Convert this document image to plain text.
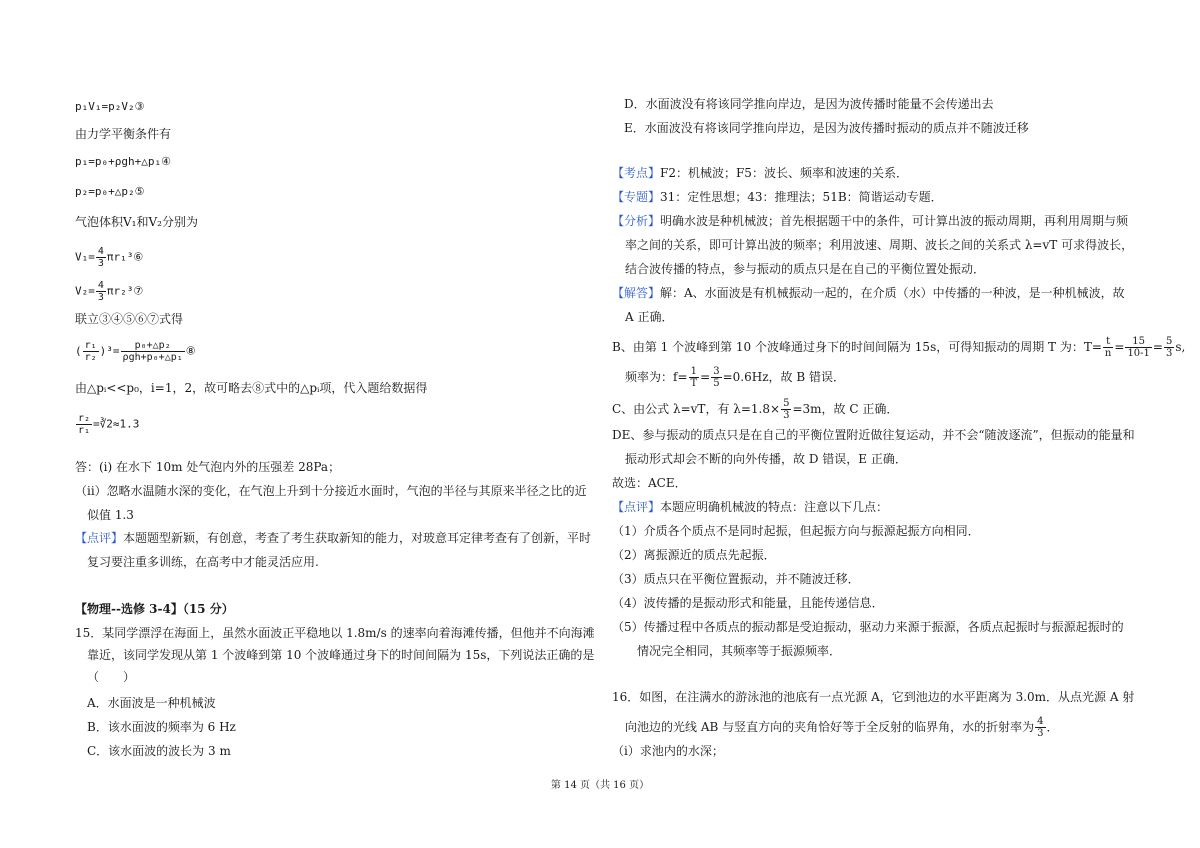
p₁V₁=p₂V₂③
由力学平衡条件有
p₁=p₀+ρgh+△p₁④
p₂=p₀+△p₂⑤
气泡体积V₁和V₂分别为
$V_1= \frac{4}{3}$ πr₁³⑥
$V_2= \frac{4}{3}$ πr₂³⑦
联立③④⑤⑥⑦式得
( $\frac{\text{r₁}}{\text{r₂}} )^3= \frac{\text{p₀+△p₂}}{\text{ρgh+p₀+△p₁}}$ ⑧
由△pᵢ<<p₀，i=1，2，故可略去⑧式中的△pᵢ项，代入题给数据得
$\frac{\text{r₂}}{\text{r₁}}$ =∛2≈1.3
答：(i) 在水下 10m 处气泡内外的压强差 28Pa；
（ii）忽略水温随水深的变化，在气泡上升到十分接近水面时，气泡的半径与其原来半径之比的近
似值 1.3
【点评】本题题型新颖，有创意，考查了考生获取新知的能力，对玻意耳定律考查有了创新，平时
复习要注重多训练，在高考中才能灵活应用.
【物理--选修 3-4】（15 分）
15．某同学漂浮在海面上，虽然水面波正平稳地以 1.8m/s 的速率向着海滩传播，但他并不向海滩
靠近，该同学发现从第 1 个波峰到第 10 个波峰通过身下的时间间隔为 15s，下列说法正确的是
（　　）
A．水面波是一种机械波
B．该水面波的频率为 6 Hz
C．该水面波的波长为 3 m
D．水面波没有将该同学推向岸边，是因为波传播时能量不会传递出去
E．水面波没有将该同学推向岸边，是因为波传播时振动的质点并不随波迁移
【考点】F2：机械波；F5：波长、频率和波速的关系．
【专题】31：定性思想；43：推理法；51B：简谐运动专题．
【分析】明确水波是种机械波；首先根据题干中的条件，可计算出波的振动周期，再利用周期与频
率之间的关系，即可计算出波的频率；利用波速、周期、波长之间的关系式 λ=vT 可求得波长，
结合波传播的特点，参与振动的质点只是在自己的平衡位置处振动．
【解答】解：A、水面波是有机械振动一起的，在介质（水）中传播的一种波，是一种机械波，故
A 正确．
B、由第 1 个波峰到第 10 个波峰通过身下的时间间隔为 15s，可得知振动的周期 T 为：$T= \frac{t}{n} = \frac{15}{10-1} = \frac{5}{3} s$,
频率为：$f= \frac{1}{T} = \frac{3}{5} =0.6Hz$，故 B 错误．
C、由公式 λ=vT，有 $\lambda=1.8\times \frac{5}{3} =3m$，故 C 正确．
DE、参与振动的质点只是在自己的平衡位置附近做往复运动，并不会“随波逐流”，但振动的能量和
振动形式却会不断的向外传播，故 D 错误，E 正确．
故选：ACE．
【点评】本题应明确机械波的特点：注意以下几点：
（1）介质各个质点不是同时起振，但起振方向与振源起振方向相同．
（2）离振源近的质点先起振．
（3）质点只在平衡位置振动，并不随波迁移．
（4）波传播的是振动形式和能量，且能传递信息．
（5）传播过程中各质点的振动都是受迫振动，驱动力来源于振源，各质点起振时与振源起振时的
情况完全相同，其频率等于振源频率．
16．如图，在注满水的游泳池的池底有一点光源 A，它到池边的水平距离为 3.0m．从点光源 A 射
向池边的光线 AB 与竖直方向的夹角恰好等于全反射的临界角，水的折射率为 $\frac{4}{3}$ ．
（i）求池内的水深；
第 14 页（共 16 页）
